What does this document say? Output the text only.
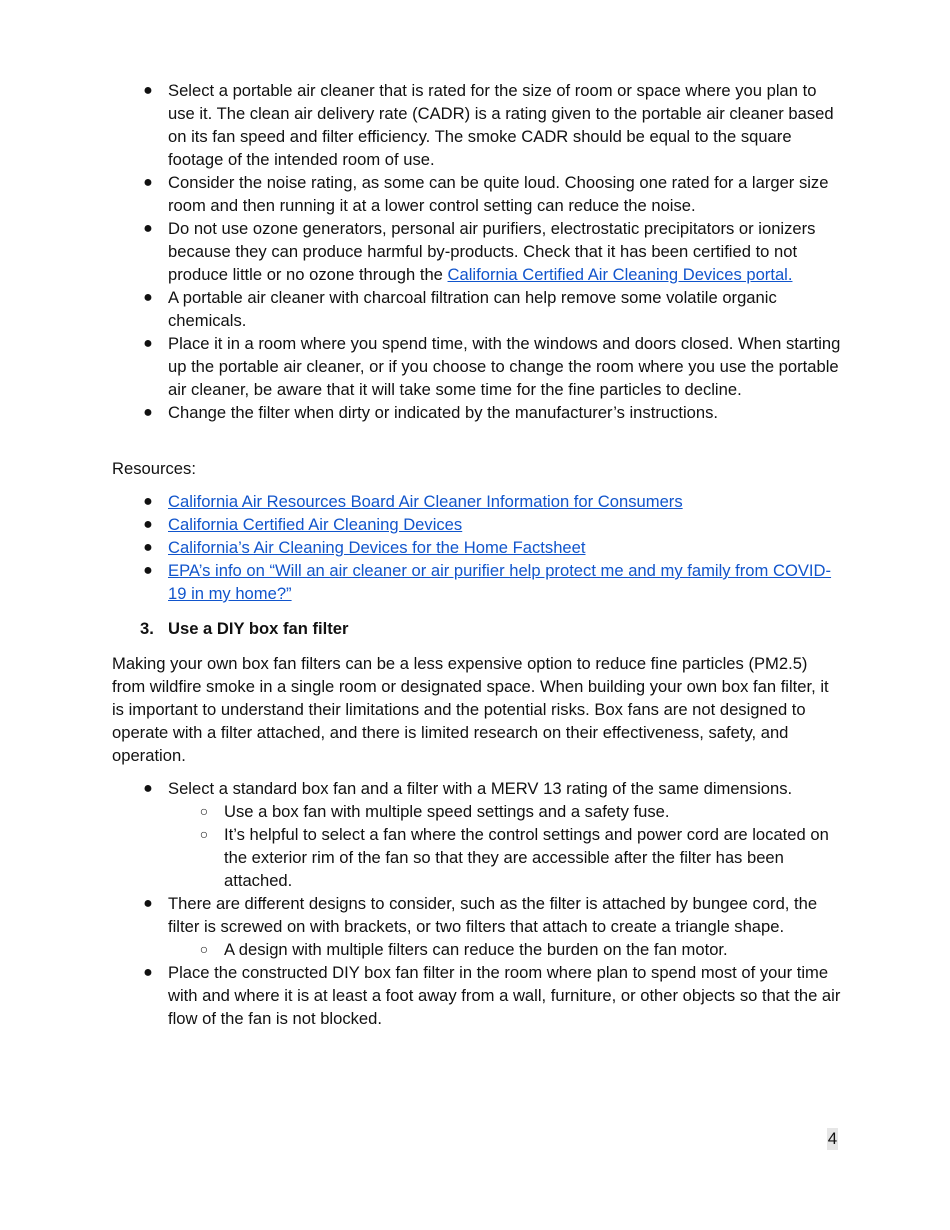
● Select a portable air cleaner that is rated for the size of room or space where you plan to use it. The clean air delivery rate (CADR) is a rating given to the portable air cleaner based on its fan speed and filter efficiency. The smoke CADR should be equal to the square footage of the intended room of use.
● Consider the noise rating, as some can be quite loud. Choosing one rated for a larger size room and then running it at a lower control setting can reduce the noise.
● Do not use ozone generators, personal air purifiers, electrostatic precipitators or ionizers because they can produce harmful by-products. Check that it has been certified to not produce little or no ozone through the California Certified Air Cleaning Devices portal.
● A portable air cleaner with charcoal filtration can help remove some volatile organic chemicals.
● Place it in a room where you spend time, with the windows and doors closed. When starting up the portable air cleaner, or if you choose to change the room where you use the portable air cleaner, be aware that it will take some time for the fine particles to decline.
● Change the filter when dirty or indicated by the manufacturer’s instructions.
Resources:
● California Air Resources Board Air Cleaner Information for Consumers
● California Certified Air Cleaning Devices
● California’s Air Cleaning Devices for the Home Factsheet
● EPA’s info on “Will an air cleaner or air purifier help protect me and my family from COVID-19 in my home?”
3. Use a DIY box fan filter
Making your own box fan filters can be a less expensive option to reduce fine particles (PM2.5) from wildfire smoke in a single room or designated space. When building your own box fan filter, it is important to understand their limitations and the potential risks. Box fans are not designed to operate with a filter attached, and there is limited research on their effectiveness, safety, and operation.
● Select a standard box fan and a filter with a MERV 13 rating of the same dimensions.
○ Use a box fan with multiple speed settings and a safety fuse.
○ It’s helpful to select a fan where the control settings and power cord are located on the exterior rim of the fan so that they are accessible after the filter has been attached.
● There are different designs to consider, such as the filter is attached by bungee cord, the filter is screwed on with brackets, or two filters that attach to create a triangle shape.
○ A design with multiple filters can reduce the burden on the fan motor.
● Place the constructed DIY box fan filter in the room where plan to spend most of your time with and where it is at least a foot away from a wall, furniture, or other objects so that the air flow of the fan is not blocked.
4
